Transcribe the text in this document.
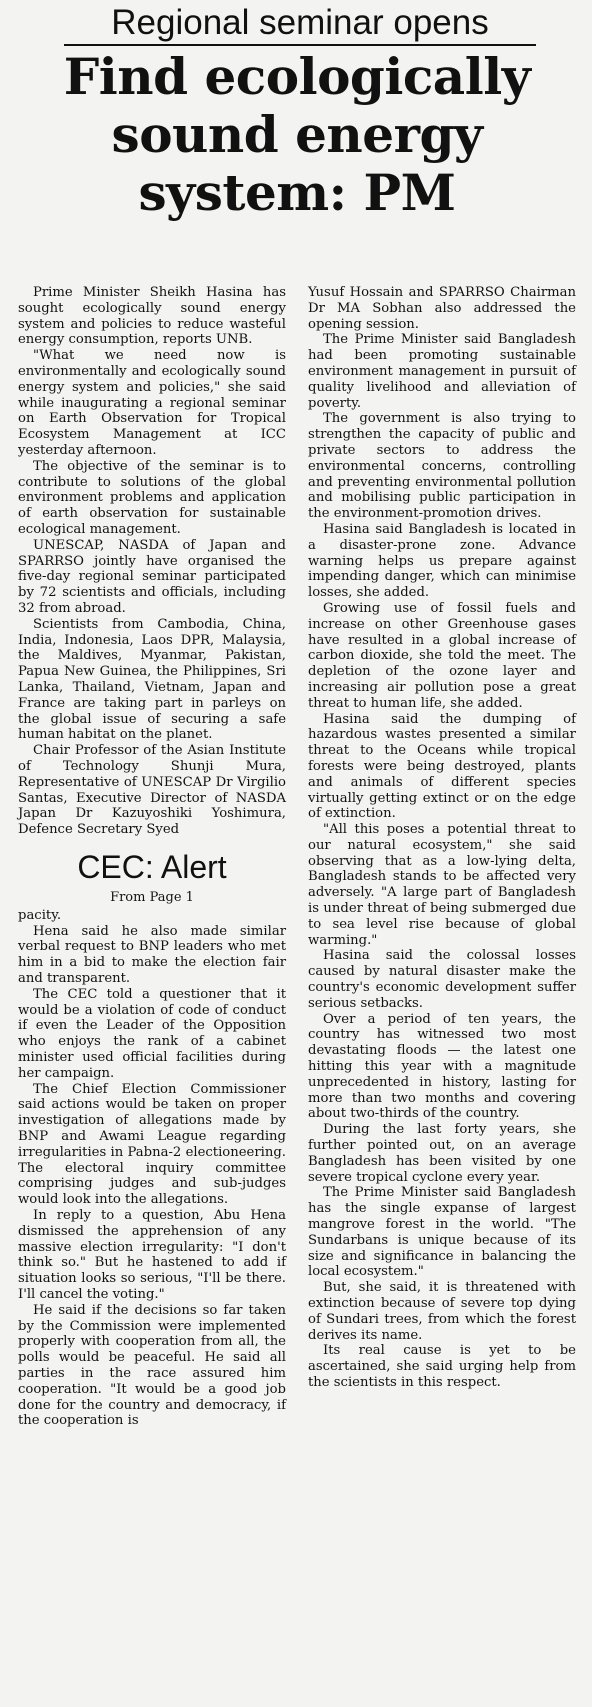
Regional seminar opens
Find ecologically
sound energy
system: PM

Prime Minister Sheikh Hasina has sought ecologically sound energy system and policies to reduce wasteful energy consumption, reports UNB.

"What we need now is environmentally and ecologically sound energy system and policies," she said while inaugurating a regional seminar on Earth Observation for Tropical Ecosystem Management at ICC yesterday afternoon.

The objective of the seminar is to contribute to solutions of the global environment problems and application of earth observation for sustainable ecological management.

UNESCAP, NASDA of Japan and SPARRSO jointly have organised the five-day regional seminar participated by 72 scientists and officials, including 32 from abroad.

Scientists from Cambodia, China, India, Indonesia, Laos DPR, Malaysia, the Maldives, Myanmar, Pakistan, Papua New Guinea, the Philippines, Sri Lanka, Thailand, Vietnam, Japan and France are taking part in parleys on the global issue of securing a safe human habitat on the planet.

Chair Professor of the Asian Institute of Technology Shunji Mura, Representative of UNESCAP Dr Virgilio Santas, Executive Director of NASDA Japan Dr Kazuyoshiki Yoshimura, Defence Secretary Syed

CEC: Alert
From Page 1

pacity.

Hena said he also made similar verbal request to BNP leaders who met him in a bid to make the election fair and transparent.

The CEC told a questioner that it would be a violation of code of conduct if even the Leader of the Opposition who enjoys the rank of a cabinet minister used official facilities during her campaign.

The Chief Election Commissioner said actions would be taken on proper investigation of allegations made by BNP and Awami League regarding irregularities in Pabna-2 electioneering. The electoral inquiry committee comprising judges and sub-judges would look into the allegations.

In reply to a question, Abu Hena dismissed the apprehension of any massive election irregularity: "I don't think so." But he hastened to add if situation looks so serious, "I'll be there. I'll cancel the voting."

He said if the decisions so far taken by the Commission were implemented properly with cooperation from all, the polls would be peaceful. He said all parties in the race assured him cooperation. "It would be a good job done for the country and democracy, if the cooperation is

Yusuf Hossain and SPARRSO Chairman Dr MA Sobhan also addressed the opening session.

The Prime Minister said Bangladesh had been promoting sustainable environment management in pursuit of quality livelihood and alleviation of poverty.

The government is also trying to strengthen the capacity of public and private sectors to address the environmental concerns, controlling and preventing environmental pollution and mobilising public participation in the environment-promotion drives.

Hasina said Bangladesh is located in a disaster-prone zone. Advance warning helps us prepare against impending danger, which can minimise losses, she added.

Growing use of fossil fuels and increase on other Greenhouse gases have resulted in a global increase of carbon dioxide, she told the meet. The depletion of the ozone layer and increasing air pollution pose a great threat to human life, she added.

Hasina said the dumping of hazardous wastes presented a similar threat to the Oceans while tropical forests were being destroyed, plants and animals of different species virtually getting extinct or on the edge of extinction.

"All this poses a potential threat to our natural ecosystem," she said observing that as a low-lying delta, Bangladesh stands to be affected very adversely. "A large part of Bangladesh is under threat of being submerged due to sea level rise because of global warming."

Hasina said the colossal losses caused by natural disaster make the country's economic development suffer serious setbacks.

Over a period of ten years, the country has witnessed two most devastating floods — the latest one hitting this year with a magnitude unprecedented in history, lasting for more than two months and covering about two-thirds of the country.

During the last forty years, she further pointed out, on an average Bangladesh has been visited by one severe tropical cyclone every year.

The Prime Minister said Bangladesh has the single expanse of largest mangrove forest in the world. "The Sundarbans is unique because of its size and significance in balancing the local ecosystem."

But, she said, it is threatened with extinction because of severe top dying of Sundari trees, from which the forest derives its name.

Its real cause is yet to be ascertained, she said urging help from the scientists in this respect.
